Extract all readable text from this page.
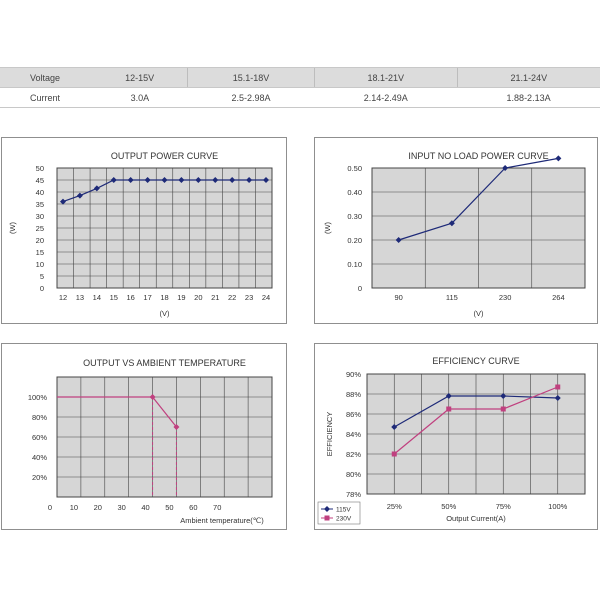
Voltage	12-15V	15.1-18V	18.1-21V	21.1-24V
Current	3.0A	2.5-2.98A	2.14-2.49A	1.88-2.13A
OUTPUT POWER CURVE
0
5
10
15
20
25
30
35
40
45
50
12 13 14 15 16 17 18 19 20 21 22 23 24
(V)
(W)
INPUT NO LOAD POWER CURVE
0
0.10
0.20
0.30
0.40
0.50
90	115	230	264
(V)
(W)
OUTPUT VS AMBIENT TEMPERATURE
20%
40%
60%
80%
100%
0 10 20 30 40 50 60 70
Ambient temperature(℃)
EFFICIENCY CURVE
78%
80%
82%
84%
86%
88%
90%
25%	50%	75%	100%
Output Current(A)
EFFICIENCY
115V
230V
